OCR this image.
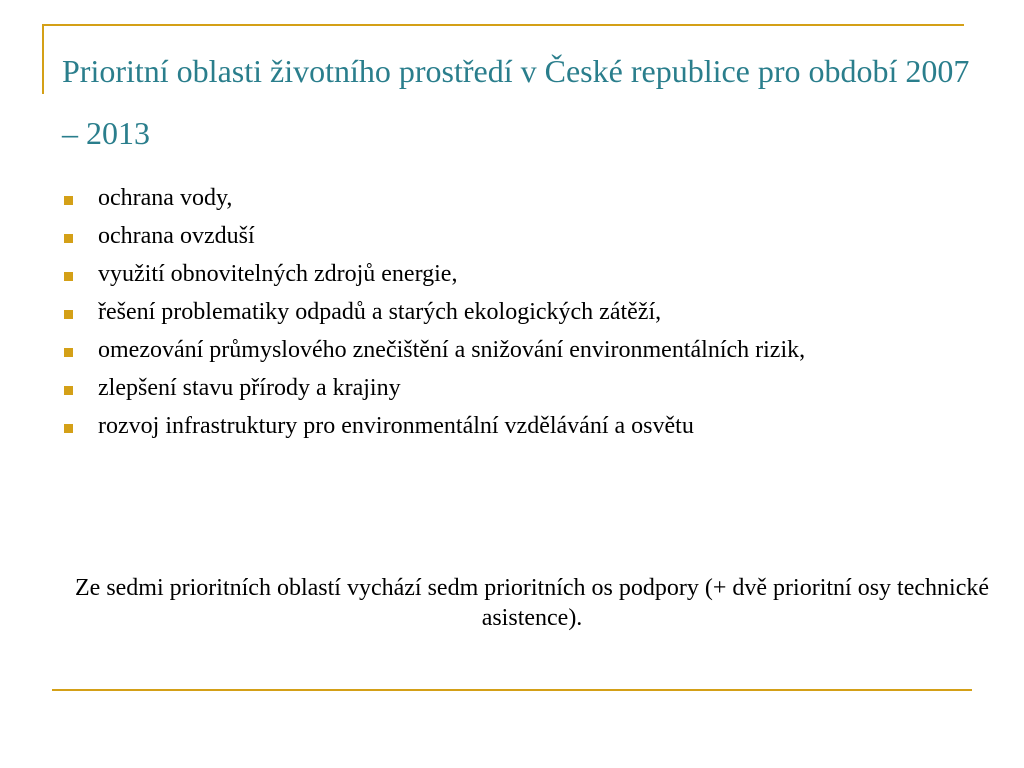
Prioritní oblasti životního prostředí v České republice pro období 2007 – 2013
ochrana vody,
ochrana ovzduší
využití obnovitelných zdrojů energie,
řešení problematiky odpadů a starých ekologických zátěží,
omezování průmyslového znečištění a snižování environmentálních rizik,
zlepšení stavu přírody a krajiny
rozvoj infrastruktury pro environmentální vzdělávání a osvětu

Ze sedmi prioritních oblastí vychází sedm prioritních os podpory (+ dvě prioritní osy technické asistence).
